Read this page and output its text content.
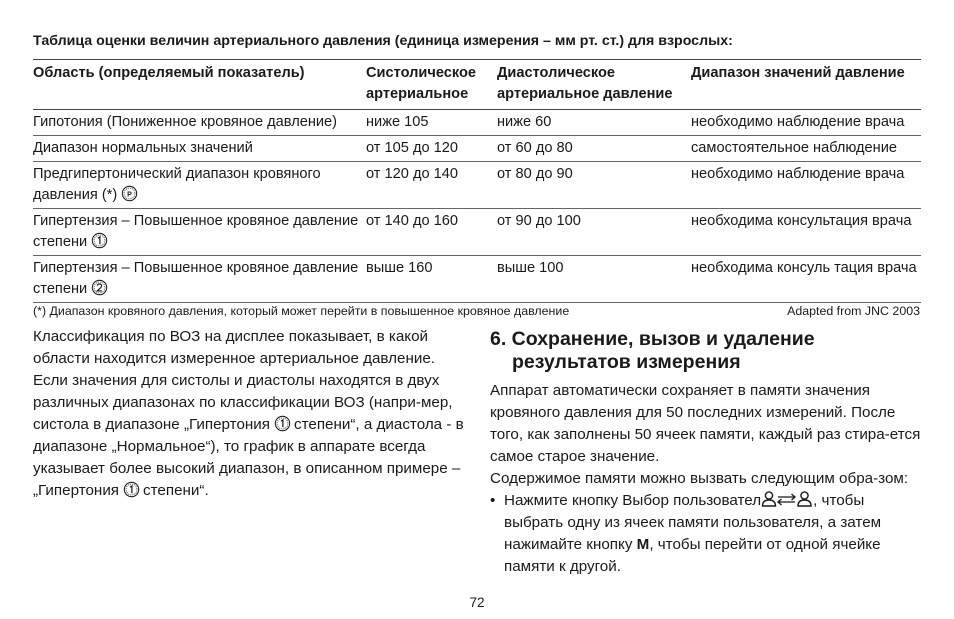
Таблица оценки величин артериального давления (единица измерения – мм рт. ст.) для взрослых:
Область (определяемый показатель)	Систолическое артериальное	Диастолическое артериальное давление	Диапазон значений давление
Гипотония (Пониженное кровяное давление)	ниже 105	ниже 60	необходимо наблюдение врача
Диапазон нормальных значений	от 105 до 120	от 60 до 80	самостоятельное наблюдение
Предгипертонический диапазон кровяного давления (*) P	от 120 до 140	от 80 до 90	необходимо наблюдение врача
Гипертензия – Повышенное кровяное давление степени	от 140 до 160	от 90 до 100	необходима консультация врача
Гипертензия – Повышенное кровяное давление степени	выше 160	выше 100	необходима консуль тация врача
(*) Диапазон кровяного давления, который может перейти в повышенное кровяное давление	Adapted from JNC 2003

Классификация по ВОЗ на дисплее показывает, в какой области находится измеренное артериальное давление. Если значения для систолы и диастолы находятся в двух различных диапазонах по классификации ВОЗ (напри-мер, систола в диапазоне „Гипертония степени“, а диастола - в диапазоне „Нормальное“), то график в аппарате всегда указывает более высокий диапазон, в описанном примере – „Гипертония степени“.

6. Сохранение, вызов и удаление результатов измерения

Аппарат автоматически сохраняет в памяти значения кровяного давления для 50 последних измерений. После того, как заполнены 50 ячеек памяти, каждый раз стира-ется самое старое значение.

Содержимое памяти можно вызвать следующим обра-зом:

• Нажмите кнопку Выбор пользовател	, чтобы выбрать одну из ячеек памяти пользователя, а затем нажимайте кнопку M, чтобы перейти от одной ячейке памяти к другой.

72
